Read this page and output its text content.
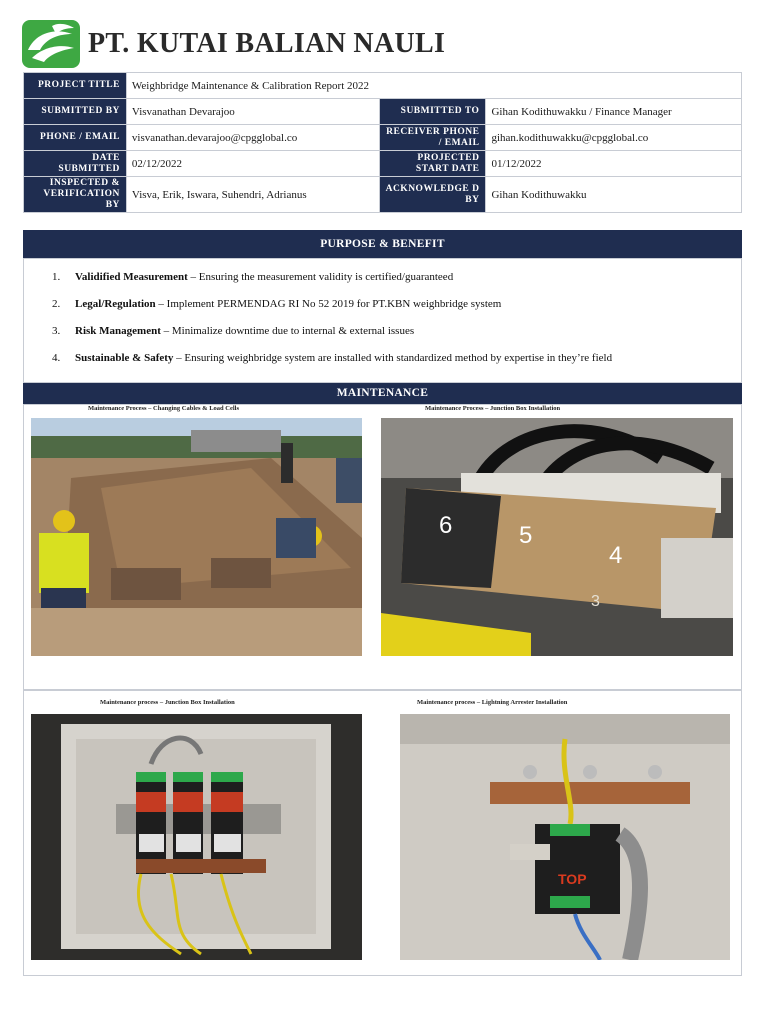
PT. KUTAI BALIAN NAULI
PROJECT TITLE	Weighbridge Maintenance & Calibration Report 2022		
SUBMITTED BY	Visvanathan Devarajoo	SUBMITTED TO	Gihan Kodithuwakku / Finance Manager
PHONE / EMAIL	visvanathan.devarajoo@cpgglobal.co	RECEIVER PHONE / EMAIL	gihan.kodithuwakku@cpgglobal.co
DATE SUBMITTED	02/12/2022	PROJECTED START DATE	01/12/2022
INSPECTED & VERIFICATION BY	Visva, Erik, Iswara, Suhendri, Adrianus	ACKNOWLEDGE D BY	Gihan Kodithuwakku
PURPOSE & BENEFIT
1.	Validified Measurement – Ensuring the measurement validity is certified/guaranteed
2.	Legal/Regulation – Implement PERMENDAG RI No 52 2019 for PT.KBN weighbridge system
3.	Risk Management – Minimalize downtime due to internal & external issues
4.	Sustainable & Safety – Ensuring weighbridge system are installed with standardized method by expertise in they’re field
MAINTENANCE
Maintenance Process – Changing Cables & Load Cells	Maintenance Process – Junction Box Installation
Maintenance process – Junction Box Installation	Maintenance process – Lightning Arrester Installation
6	5
4
3
TOP
